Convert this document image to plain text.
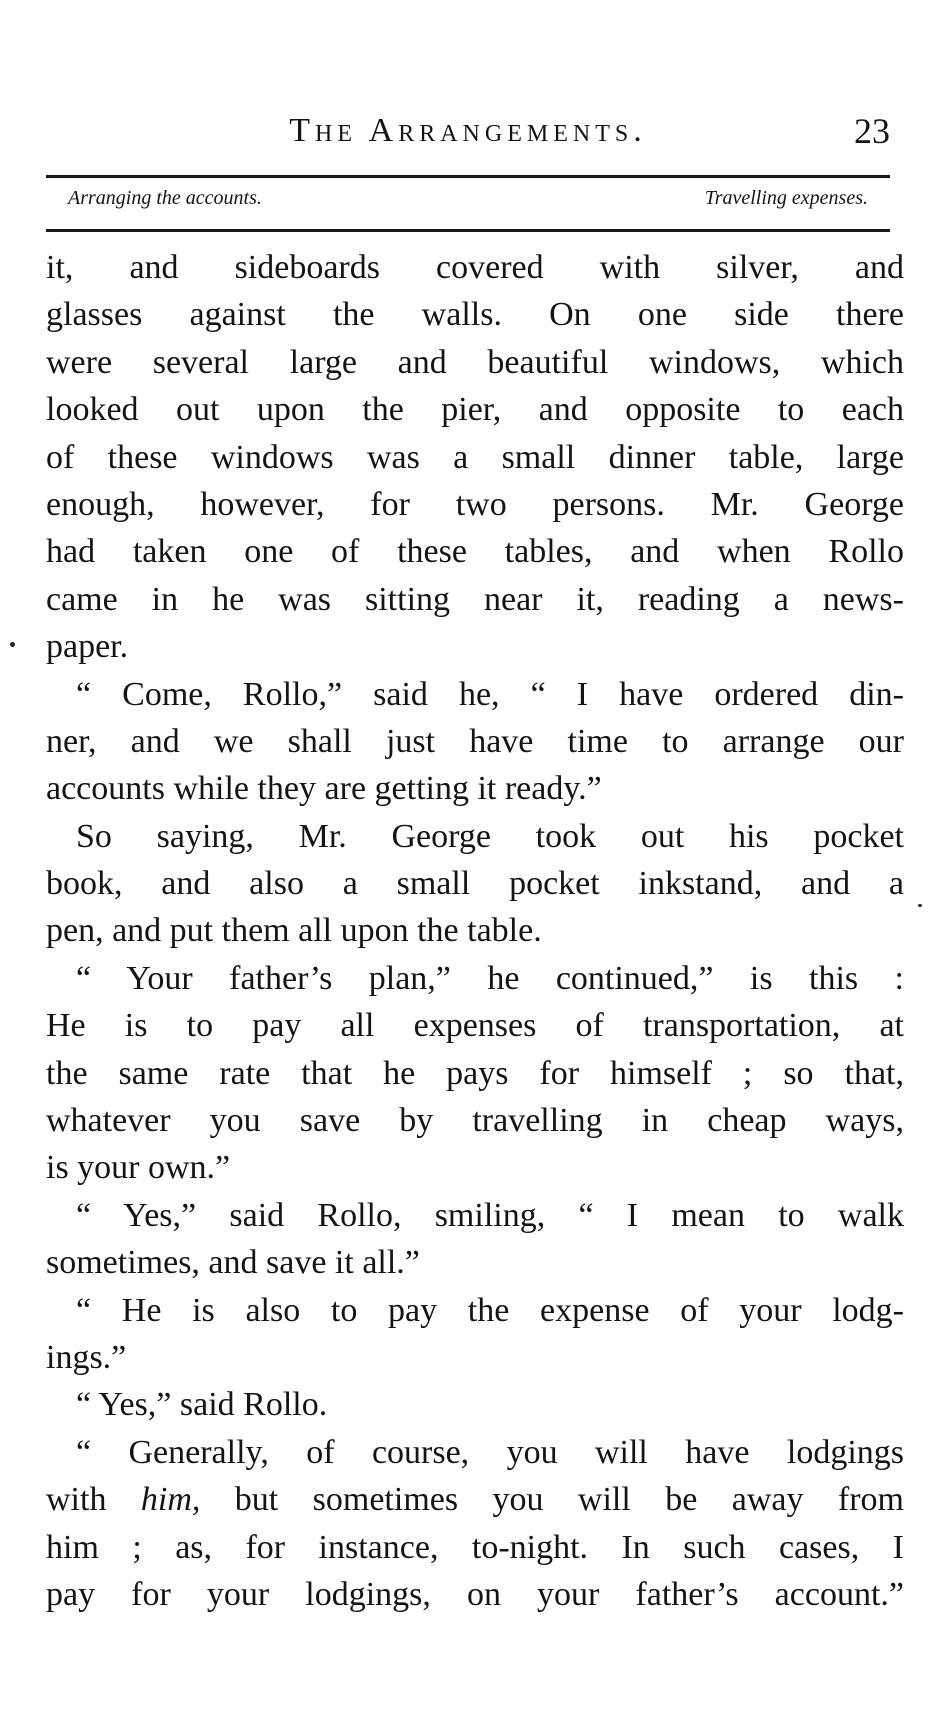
The Arrangements.	23
Arranging the accounts.	Travelling expenses.
it, and sideboards covered with silver, and
glasses against the walls. On one side there
were several large and beautiful windows, which
looked out upon the pier, and opposite to each
of these windows was a small dinner table, large
enough, however, for two persons. Mr. George
had taken one of these tables, and when Rollo
came in he was sitting near it, reading a news-
paper.
“ Come, Rollo,” said he, “ I have ordered din-
ner, and we shall just have time to arrange our
accounts while they are getting it ready.”
So saying, Mr. George took out his pocket
book, and also a small pocket inkstand, and a
pen, and put them all upon the table.
“ Your father’s plan,” he continued,” is this :
He is to pay all expenses of transportation, at
the same rate that he pays for himself ; so that,
whatever you save by travelling in cheap ways,
is your own.”
“ Yes,” said Rollo, smiling, “ I mean to walk
sometimes, and save it all.”
“ He is also to pay the expense of your lodg-
ings.”
“ Yes,” said Rollo.
“ Generally, of course, you will have lodgings
with him, but sometimes you will be away from
him ; as, for instance, to-night. In such cases, I
pay for your lodgings, on your father’s account.”
